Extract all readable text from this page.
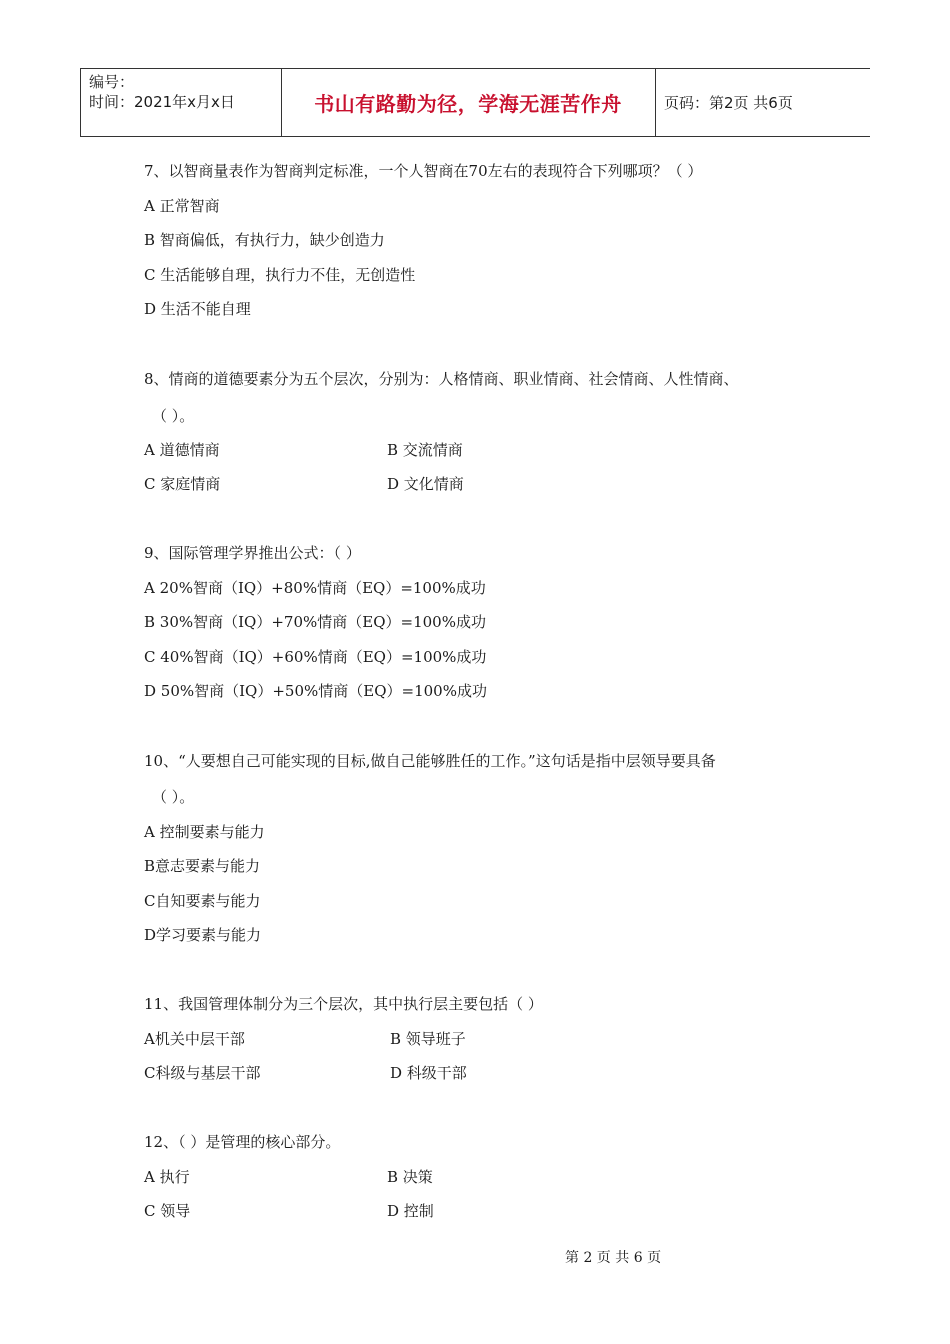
编号：
时间：2021年x月x日	书山有路勤为径，学海无涯苦作舟	页码：第2页 共6页
7、以智商量表作为智商判定标准，一个人智商在70左右的表现符合下列哪项？（ ）
A 正常智商
B 智商偏低，有执行力，缺少创造力
C 生活能够自理，执行力不佳，无创造性
D 生活不能自理
8、情商的道德要素分为五个层次，分别为：人格情商、职业情商、社会情商、人性情商、
（ ）。
A 道德情商	B 交流情商
C 家庭情商	D 文化情商
9、国际管理学界推出公式：（ ）
A 20%智商（IQ）+80%情商（EQ）=100%成功
B 30%智商（IQ）+70%情商（EQ）=100%成功
C 40%智商（IQ）+60%情商（EQ）=100%成功
D 50%智商（IQ）+50%情商（EQ）=100%成功
10、“人要想自己可能实现的目标,做自己能够胜任的工作。”这句话是指中层领导要具备
（ ）。
A 控制要素与能力
B意志要素与能力
C自知要素与能力
D学习要素与能力
11、我国管理体制分为三个层次，其中执行层主要包括（ ）
A机关中层干部	B 领导班子
C科级与基层干部	D 科级干部
12、（ ）是管理的核心部分。
A 执行	B 决策
C 领导	D 控制
第 2 页 共 6 页
